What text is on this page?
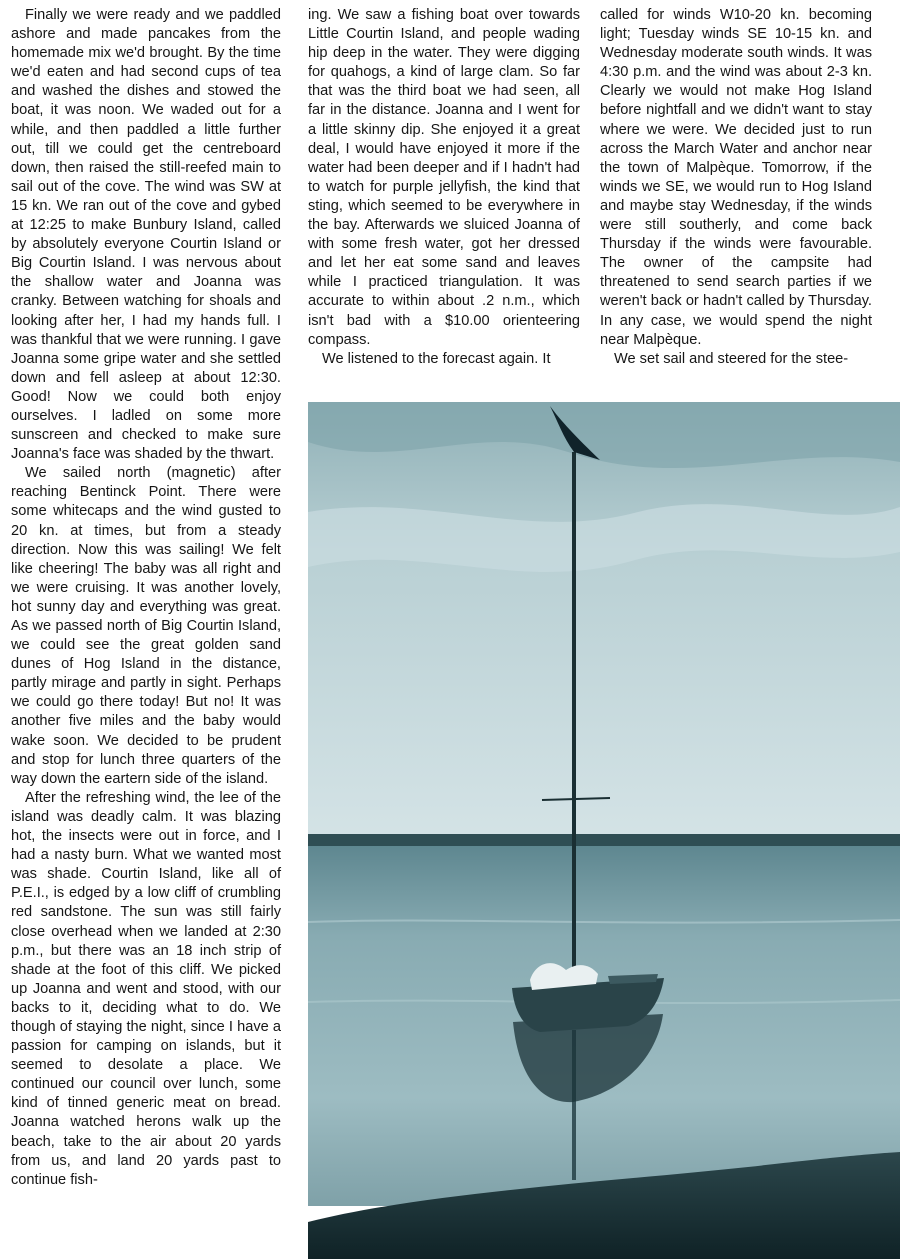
Finally we were ready and we paddled ashore and made pancakes from the homemade mix we'd brought. By the time we'd eaten and had second cups of tea and washed the dishes and stowed the boat, it was noon. We waded out for a while, and then paddled a little further out, till we could get the centreboard down, then raised the still-reefed main to sail out of the cove. The wind was SW at 15 kn. We ran out of the cove and gybed at 12:25 to make Bunbury Island, called by absolutely everyone Courtin Island or Big Courtin Island. I was nervous about the shallow water and Joanna was cranky. Between watching for shoals and looking after her, I had my hands full. I was thankful that we were running. I gave Joanna some gripe water and she settled down and fell asleep at about 12:30. Good! Now we could both enjoy ourselves. I ladled on some more sunscreen and checked to make sure Joanna's face was shaded by the thwart.

We sailed north (magnetic) after reaching Bentinck Point. There were some whitecaps and the wind gusted to 20 kn. at times, but from a steady direction. Now this was sailing! We felt like cheering! The baby was all right and we were cruising. It was another lovely, hot sunny day and everything was great. As we passed north of Big Courtin Island, we could see the great golden sand dunes of Hog Island in the distance, partly mirage and partly in sight. Perhaps we could go there today! But no! It was another five miles and the baby would wake soon. We decided to be prudent and stop for lunch three quarters of the way down the eartern side of the island.

After the refreshing wind, the lee of the island was deadly calm. It was blazing hot, the insects were out in force, and I had a nasty burn. What we wanted most was shade. Courtin Island, like all of P.E.I., is edged by a low cliff of crumbling red sandstone. The sun was still fairly close overhead when we landed at 2:30 p.m., but there was an 18 inch strip of shade at the foot of this cliff. We picked up Joanna and went and stood, with our backs to it, deciding what to do. We though of staying the night, since I have a passion for camping on islands, but it seemed to desolate a place. We continued our council over lunch, some kind of tinned generic meat on bread. Joanna watched herons walk up the beach, take to the air about 20 yards from us, and land 20 yards past to continue fish-

ing. We saw a fishing boat over towards Little Courtin Island, and people wading hip deep in the water. They were digging for quahogs, a kind of large clam. So far that was the third boat we had seen, all far in the distance. Joanna and I went for a little skinny dip. She enjoyed it a great deal, I would have enjoyed it more if the water had been deeper and if I hadn't had to watch for purple jellyfish, the kind that sting, which seemed to be everywhere in the bay. Afterwards we sluiced Joanna of with some fresh water, got her dressed and let her eat some sand and leaves while I practiced triangulation. It was accurate to within about .2 n.m., which isn't bad with a $10.00 orienteering compass.

We listened to the forecast again. It

called for winds W10-20 kn. becoming light; Tuesday winds SE 10-15 kn. and Wednesday moderate south winds. It was 4:30 p.m. and the wind was about 2-3 kn. Clearly we would not make Hog Island before nightfall and we didn't want to stay where we were. We decided just to run across the March Water and anchor near the town of Malpèque. Tomorrow, if the winds we SE, we would run to Hog Island and maybe stay Wednesday, if the winds were still southerly, and come back Thursday if the winds were favourable. The owner of the campsite had threatened to send search parties if we weren't back or hadn't called by Thursday. In any case, we would spend the night near Malpèque.

We set sail and steered for the stee-
